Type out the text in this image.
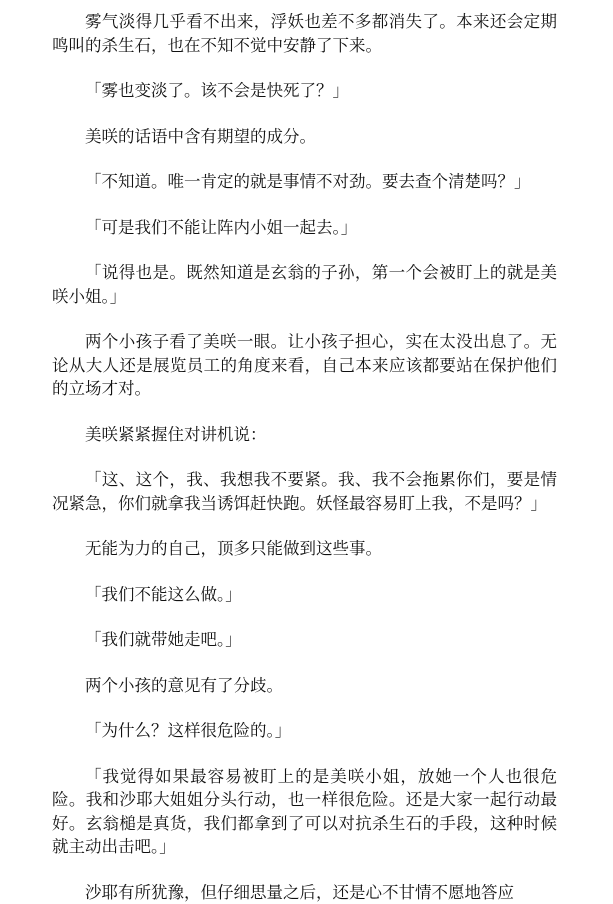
雾气淡得几乎看不出来，浮妖也差不多都消失了。本来还会定期鸣叫的杀生石，也在不知不觉中安静了下来。

「雾也变淡了。该不会是快死了？」

美咲的话语中含有期望的成分。

「不知道。唯一肯定的就是事情不对劲。要去查个清楚吗？」

「可是我们不能让阵内小姐一起去。」

「说得也是。既然知道是玄翁的子孙，第一个会被盯上的就是美咲小姐。」

两个小孩子看了美咲一眼。让小孩子担心，实在太没出息了。无论从大人还是展览员工的角度来看，自己本来应该都要站在保护他们的立场才对。

美咲紧紧握住对讲机说：

「这、这个，我、我想我不要紧。我、我不会拖累你们，要是情况紧急，你们就拿我当诱饵赶快跑。妖怪最容易盯上我，不是吗？」

无能为力的自己，顶多只能做到这些事。

「我们不能这么做。」

「我们就带她走吧。」

两个小孩的意见有了分歧。

「为什么？这样很危险的。」

「我觉得如果最容易被盯上的是美咲小姐，放她一个人也很危险。我和沙耶大姐姐分头行动，也一样很危险。还是大家一起行动最好。玄翁槌是真货，我们都拿到了可以对抗杀生石的手段，这种时候就主动出击吧。」

沙耶有所犹豫，但仔细思量之后，还是心不甘情不愿地答应
